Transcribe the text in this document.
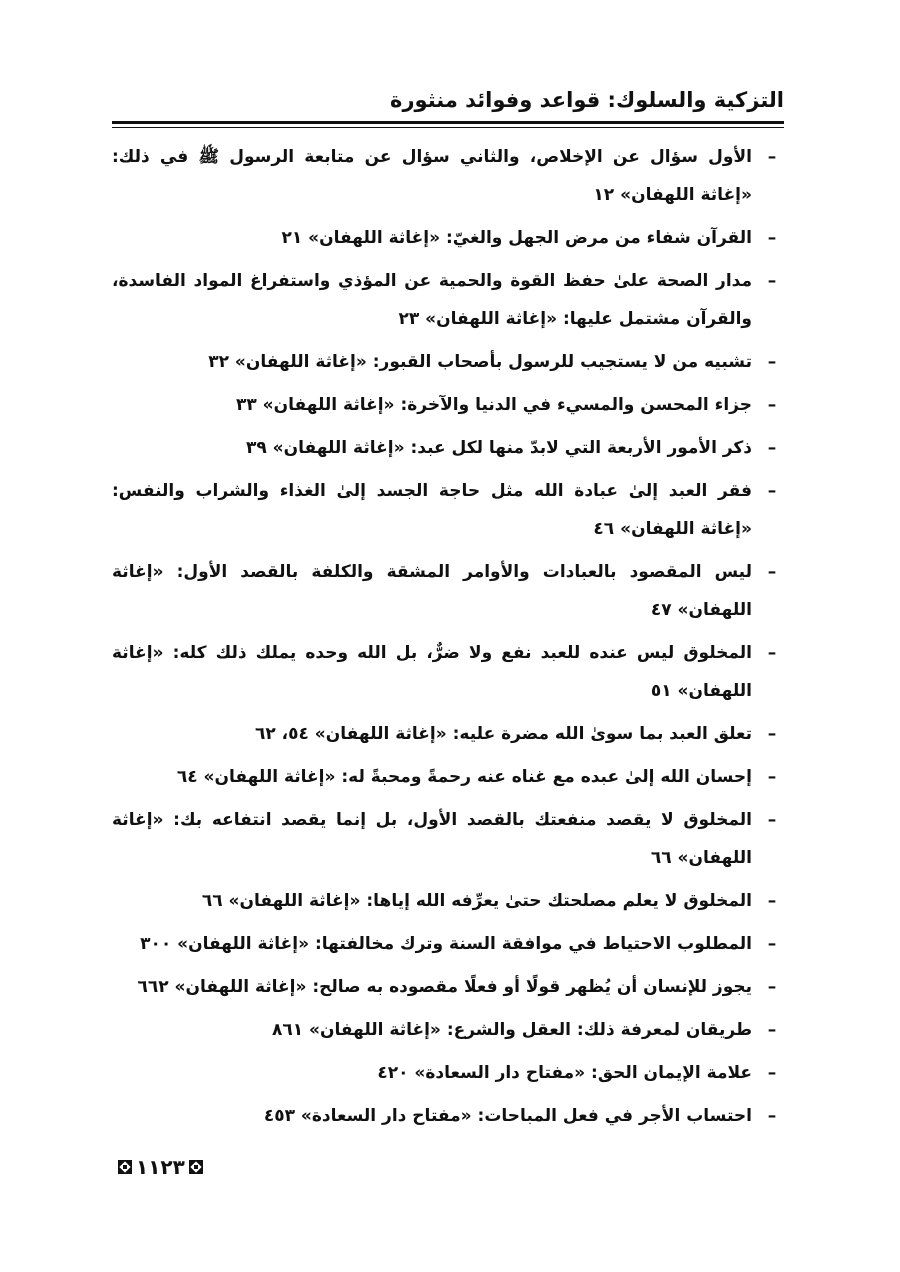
التزكية والسلوك: قواعد وفوائد منثورة
–
الأول سؤال عن الإخلاص، والثاني سؤال عن متابعة الرسول ﷺ في ذلك: «إغاثة اللهفان» ١٢
–
القرآن شفاء من مرض الجهل والغيّ: «إغاثة اللهفان» ٢١
–
مدار الصحة علىٰ حفظ القوة والحمية عن المؤذي واستفراغ المواد الفاسدة، والقرآن مشتمل عليها: «إغاثة اللهفان» ٢٣
–
تشبيه من لا يستجيب للرسول بأصحاب القبور: «إغاثة اللهفان» ٣٢
–
جزاء المحسن والمسيء في الدنيا والآخرة: «إغاثة اللهفان» ٣٣
–
ذكر الأمور الأربعة التي لابدّ منها لكل عبد: «إغاثة اللهفان» ٣٩
–
فقر العبد إلىٰ عبادة الله مثل حاجة الجسد إلىٰ الغذاء والشراب والنفس: «إغاثة اللهفان» ٤٦
–
ليس المقصود بالعبادات والأوامر المشقة والكلفة بالقصد الأول: «إغاثة اللهفان» ٤٧
–
المخلوق ليس عنده للعبد نفع ولا ضرٌّ، بل الله وحده يملك ذلك كله: «إغاثة اللهفان» ٥١
–
تعلق العبد بما سوىٰ الله مضرة عليه: «إغاثة اللهفان» ٥٤، ٦٢
–
إحسان الله إلىٰ عبده مع غناه عنه رحمةً ومحبةً له: «إغاثة اللهفان» ٦٤
–
المخلوق لا يقصد منفعتك بالقصد الأول، بل إنما يقصد انتفاعه بك: «إغاثة اللهفان» ٦٦
–
المخلوق لا يعلم مصلحتك حتىٰ يعرِّفه الله إياها: «إغاثة اللهفان» ٦٦
–
المطلوب الاحتياط في موافقة السنة وترك مخالفتها: «إغاثة اللهفان» ٣٠٠
–
يجوز للإنسان أن يُظهر قولًا أو فعلًا مقصوده به صالح: «إغاثة اللهفان» ٦٦٢
–
طريقان لمعرفة ذلك: العقل والشرع: «إغاثة اللهفان» ٨٦١
–
علامة الإيمان الحق: «مفتاح دار السعادة» ٤٢٠
–
احتساب الأجر في فعل المباحات: «مفتاح دار السعادة» ٤٥٣
١١٢٣
